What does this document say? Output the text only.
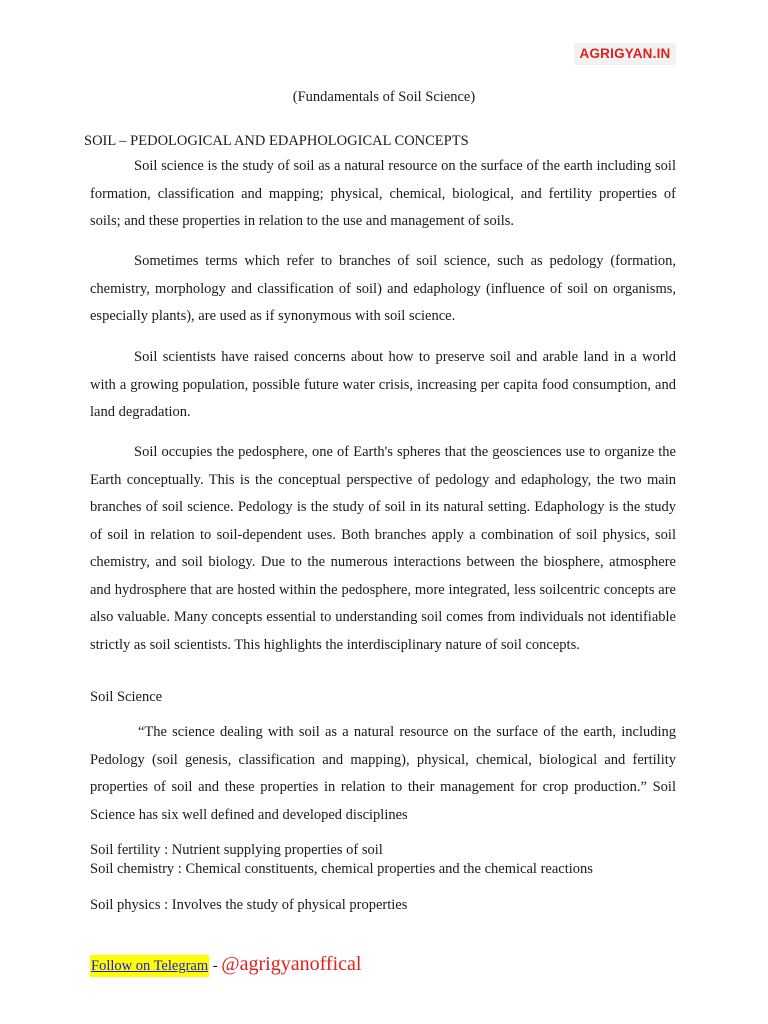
AGRIGYAN.IN
(Fundamentals of Soil Science)
SOIL – PEDOLOGICAL AND EDAPHOLOGICAL CONCEPTS

Soil science is the study of soil as a natural resource on the surface of the earth including soil formation, classification and mapping; physical, chemical, biological, and fertility properties of soils; and these properties in relation to the use and management of soils.

Sometimes terms which refer to branches of soil science, such as pedology (formation, chemistry, morphology and classification of soil) and edaphology (influence of soil on organisms, especially plants), are used as if synonymous with soil science.

Soil scientists have raised concerns about how to preserve soil and arable land in a world with a growing population, possible future water crisis, increasing per capita food consumption, and land degradation.

Soil occupies the pedosphere, one of Earth's spheres that the geosciences use to organize the Earth conceptually. This is the conceptual perspective of pedology and edaphology, the two main branches of soil science. Pedology is the study of soil in its natural setting. Edaphology is the study of soil in relation to soil-dependent uses. Both branches apply a combination of soil physics, soil chemistry, and soil biology. Due to the numerous interactions between the biosphere, atmosphere and hydrosphere that are hosted within the pedosphere, more integrated, less soilcentric concepts are also valuable. Many concepts essential to understanding soil comes from individuals not identifiable strictly as soil scientists. This highlights the interdisciplinary nature of soil concepts.

Soil Science

“The science dealing with soil as a natural resource on the surface of the earth, including Pedology (soil genesis, classification and mapping), physical, chemical, biological and fertility properties of soil and these properties in relation to their management for crop production.” Soil Science has six well defined and developed disciplines

Soil fertility : Nutrient supplying properties of soil
Soil chemistry : Chemical constituents, chemical properties and the chemical reactions
Soil physics : Involves the study of physical properties
Follow on Telegram - @agrigyanoffical
